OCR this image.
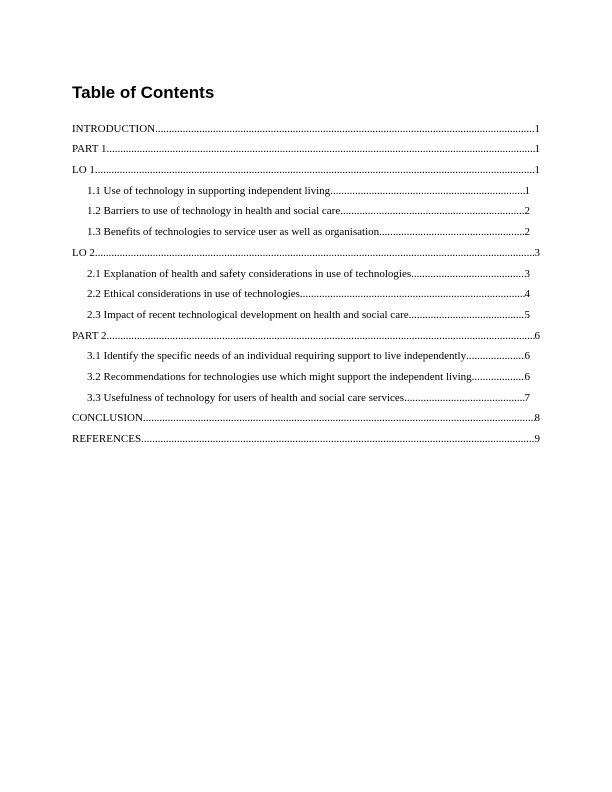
Table of Contents
INTRODUCTION .....	1
PART 1 .....	1
LO 1 .....	1
1.1 Use of technology in supporting independent living .....	1
1.2 Barriers to use of technology in health and social care .....	2
1.3 Benefits of technologies to service user as well as organisation .....	2
LO 2 .....	3
2.1 Explanation of health and safety considerations in use of technologies .....	3
2.2 Ethical considerations in use of technologies .....	4
2.3 Impact of recent technological development on health and social care .....	5
PART 2 .....	6
3.1 Identify the specific needs of an individual requiring support to live independently .....	6
3.2 Recommendations for technologies use which might support the independent living .....	6
3.3 Usefulness of technology for users of health and social care services .....	7
CONCLUSION .....	8
REFERENCES .....	9
